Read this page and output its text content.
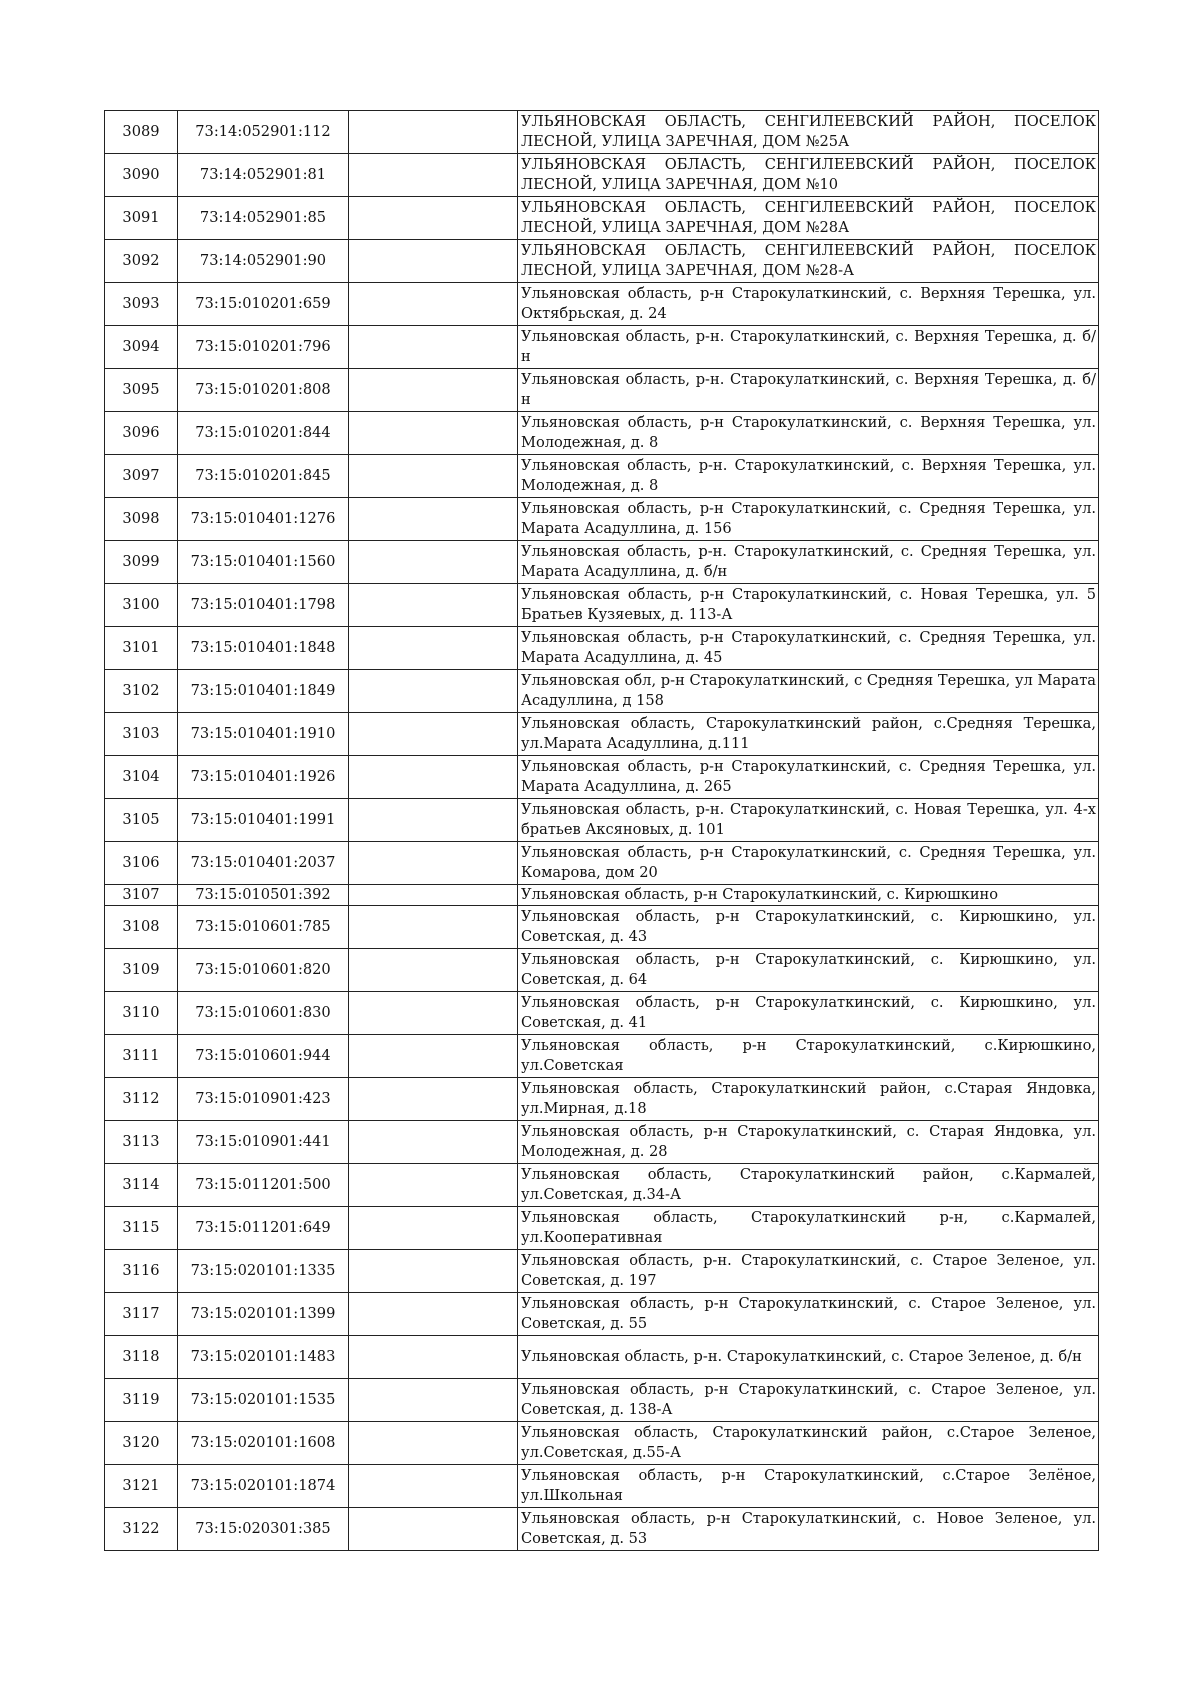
3089	73:14:052901:112		УЛЬЯНОВСКАЯ ОБЛАСТЬ, СЕНГИЛЕЕВСКИЙ РАЙОН, ПОСЕЛОК ЛЕСНОЙ, УЛИЦА ЗАРЕЧНАЯ, ДОМ №25А
3090	73:14:052901:81		УЛЬЯНОВСКАЯ ОБЛАСТЬ, СЕНГИЛЕЕВСКИЙ РАЙОН, ПОСЕЛОК ЛЕСНОЙ, УЛИЦА ЗАРЕЧНАЯ, ДОМ №10
3091	73:14:052901:85		УЛЬЯНОВСКАЯ ОБЛАСТЬ, СЕНГИЛЕЕВСКИЙ РАЙОН, ПОСЕЛОК ЛЕСНОЙ, УЛИЦА ЗАРЕЧНАЯ, ДОМ №28А
3092	73:14:052901:90		УЛЬЯНОВСКАЯ ОБЛАСТЬ, СЕНГИЛЕЕВСКИЙ РАЙОН, ПОСЕЛОК ЛЕСНОЙ, УЛИЦА ЗАРЕЧНАЯ, ДОМ №28-А
3093	73:15:010201:659		Ульяновская область, р-н Старокулаткинский, с. Верхняя Терешка, ул. Октябрьская, д. 24
3094	73:15:010201:796		Ульяновская область, р-н. Старокулаткинский, с. Верхняя Терешка, д. б/н
3095	73:15:010201:808		Ульяновская область, р-н. Старокулаткинский, с. Верхняя Терешка, д. б/н
3096	73:15:010201:844		Ульяновская область, р-н Старокулаткинский, с. Верхняя Терешка, ул. Молодежная, д. 8
3097	73:15:010201:845		Ульяновская область, р-н. Старокулаткинский, с. Верхняя Терешка, ул. Молодежная, д. 8
3098	73:15:010401:1276		Ульяновская область, р-н Старокулаткинский, с. Средняя Терешка, ул. Марата Асадуллина, д. 156
3099	73:15:010401:1560		Ульяновская область, р-н. Старокулаткинский, с. Средняя Терешка, ул. Марата Асадуллина, д. б/н
3100	73:15:010401:1798		Ульяновская область, р-н Старокулаткинский, с. Новая Терешка, ул. 5 Братьев Кузяевых, д. 113-А
3101	73:15:010401:1848		Ульяновская область, р-н Старокулаткинский, с. Средняя Терешка, ул. Марата Асадуллина, д. 45
3102	73:15:010401:1849		Ульяновская обл, р-н Старокулаткинский, с Средняя Терешка, ул Марата Асадуллина, д 158
3103	73:15:010401:1910		Ульяновская область, Старокулаткинский район, с.Средняя Терешка, ул.Марата Асадуллина, д.111
3104	73:15:010401:1926		Ульяновская область, р-н Старокулаткинский, с. Средняя Терешка, ул. Марата Асадуллина, д. 265
3105	73:15:010401:1991		Ульяновская область, р-н. Старокулаткинский, с. Новая Терешка, ул. 4-х братьев Аксяновых, д. 101
3106	73:15:010401:2037		Ульяновская область, р-н Старокулаткинский, с. Средняя Терешка, ул. Комарова, дом 20
3107	73:15:010501:392		Ульяновская область, р-н Старокулаткинский, с. Кирюшкино
3108	73:15:010601:785		Ульяновская область, р-н Старокулаткинский, с. Кирюшкино, ул. Советская, д. 43
3109	73:15:010601:820		Ульяновская область, р-н Старокулаткинский, с. Кирюшкино, ул. Советская, д. 64
3110	73:15:010601:830		Ульяновская область, р-н Старокулаткинский, с. Кирюшкино, ул. Советская, д. 41
3111	73:15:010601:944		Ульяновская область, р-н Старокулаткинский, с.Кирюшкино, ул.Советская
3112	73:15:010901:423		Ульяновская область, Старокулаткинский район, с.Старая Яндовка, ул.Мирная, д.18
3113	73:15:010901:441		Ульяновская область, р-н Старокулаткинский, с. Старая Яндовка, ул. Молодежная, д. 28
3114	73:15:011201:500		Ульяновская область, Старокулаткинский район, с.Кармалей, ул.Советская, д.34-А
3115	73:15:011201:649		Ульяновская область, Старокулаткинский р-н, с.Кармалей, ул.Кооперативная
3116	73:15:020101:1335		Ульяновская область, р-н. Старокулаткинский, с. Старое Зеленое, ул. Советская, д. 197
3117	73:15:020101:1399		Ульяновская область, р-н Старокулаткинский, с. Старое Зеленое, ул. Советская, д. 55
3118	73:15:020101:1483		Ульяновская область, р-н. Старокулаткинский, с. Старое Зеленое, д. б/н
3119	73:15:020101:1535		Ульяновская область, р-н Старокулаткинский, с. Старое Зеленое, ул. Советская, д. 138-А
3120	73:15:020101:1608		Ульяновская область, Старокулаткинский район, с.Старое Зеленое, ул.Советская, д.55-А
3121	73:15:020101:1874		Ульяновская область, р-н Старокулаткинский, с.Старое Зелёное, ул.Школьная
3122	73:15:020301:385		Ульяновская область, р-н Старокулаткинский, с. Новое Зеленое, ул. Советская, д. 53
